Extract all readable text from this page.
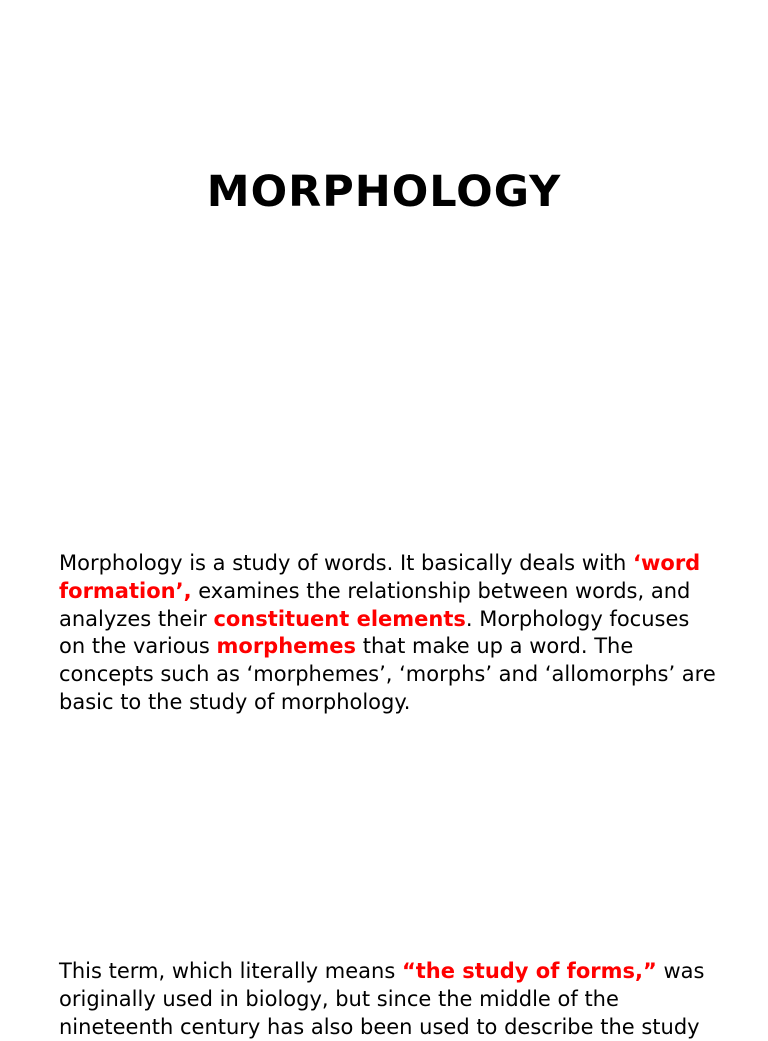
MORPHOLOGY

Morphology is a study of words. It basically deals with ‘word formation’, examines the relationship between words, and analyzes their constituent elements. Morphology focuses on the various morphemes that make up a word. The concepts such as ‘morphemes’, ‘morphs’ and ‘allomorphs’ are basic to the study of morphology.

This term, which literally means “the study of forms,” was originally used in biology, but since the middle of the nineteenth century has also been used to describe the study
